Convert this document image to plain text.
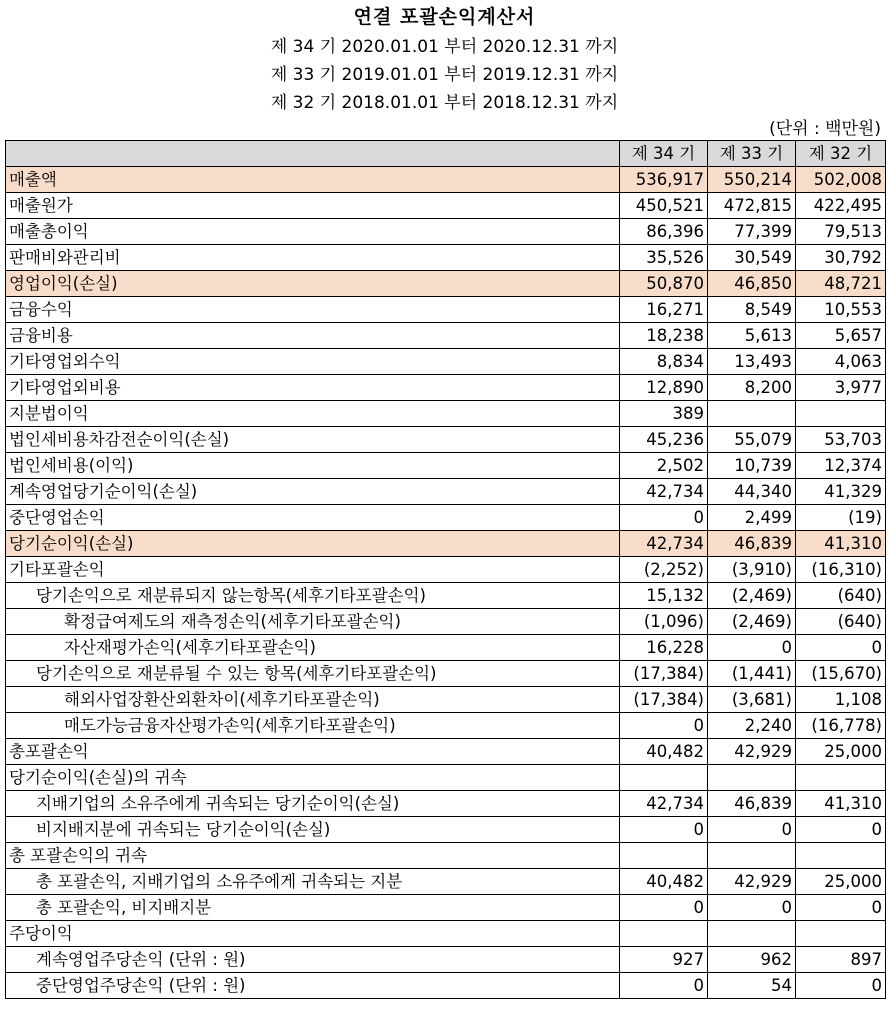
연결 포괄손익계산서
제 34 기 2020.01.01 부터 2020.12.31 까지
제 33 기 2019.01.01 부터 2019.12.31 까지
제 32 기 2018.01.01 부터 2018.12.31 까지
(단위 : 백만원)
	제 34 기	제 33 기	제 32 기
매출액	536,917	550,214	502,008
매출원가	450,521	472,815	422,495
매출총이익	86,396	77,399	79,513
판매비와관리비	35,526	30,549	30,792
영업이익(손실)	50,870	46,850	48,721
금융수익	16,271	8,549	10,553
금융비용	18,238	5,613	5,657
기타영업외수익	8,834	13,493	4,063
기타영업외비용	12,890	8,200	3,977
지분법이익	389		
법인세비용차감전순이익(손실)	45,236	55,079	53,703
법인세비용(이익)	2,502	10,739	12,374
계속영업당기순이익(손실)	42,734	44,340	41,329
중단영업손익	0	2,499	(19)
당기순이익(손실)	42,734	46,839	41,310
기타포괄손익	(2,252)	(3,910)	(16,310)
당기손익으로 재분류되지 않는항목(세후기타포괄손익)	15,132	(2,469)	(640)
확정급여제도의 재측정손익(세후기타포괄손익)	(1,096)	(2,469)	(640)
자산재평가손익(세후기타포괄손익)	16,228	0	0
당기손익으로 재분류될 수 있는 항목(세후기타포괄손익)	(17,384)	(1,441)	(15,670)
해외사업장환산외환차이(세후기타포괄손익)	(17,384)	(3,681)	1,108
매도가능금융자산평가손익(세후기타포괄손익)	0	2,240	(16,778)
총포괄손익	40,482	42,929	25,000
당기순이익(손실)의 귀속			
지배기업의 소유주에게 귀속되는 당기순이익(손실)	42,734	46,839	41,310
비지배지분에 귀속되는 당기순이익(손실)	0	0	0
총 포괄손익의 귀속			
총 포괄손익, 지배기업의 소유주에게 귀속되는 지분	40,482	42,929	25,000
총 포괄손익, 비지배지분	0	0	0
주당이익			
계속영업주당손익 (단위 : 원)	927	962	897
중단영업주당손익 (단위 : 원)	0	54	0
